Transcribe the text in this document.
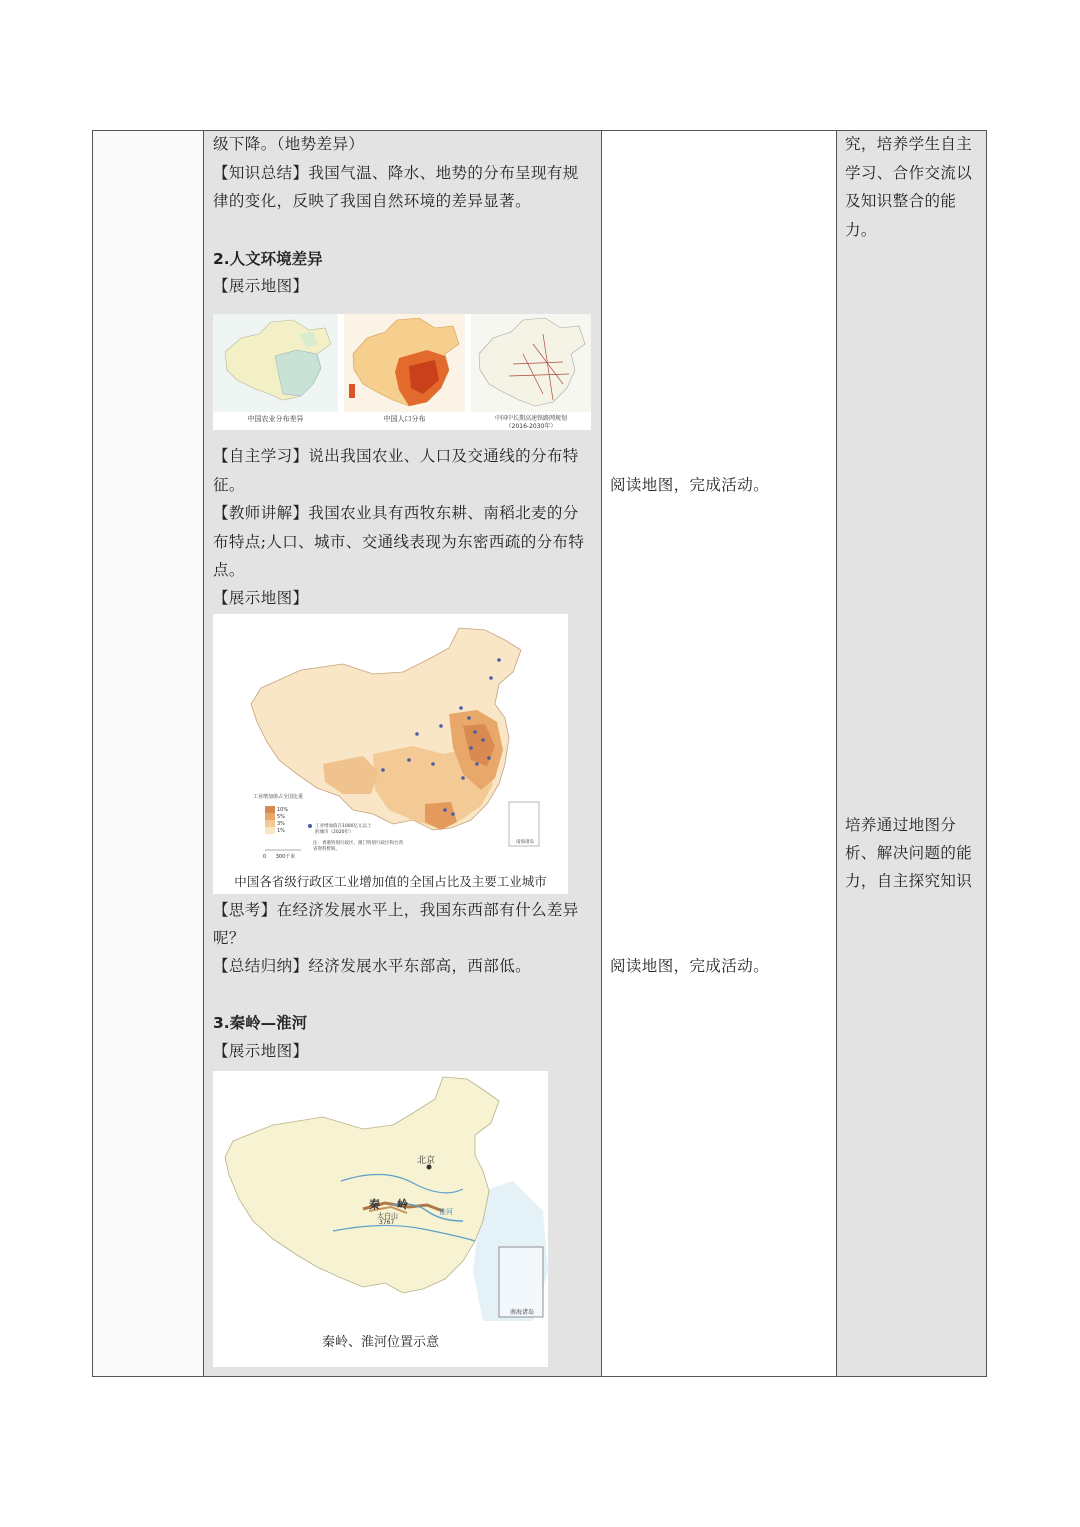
级下降。（地势差异）
【知识总结】我国气温、降水、地势的分布呈现有规
律的变化，反映了我国自然环境的差异显著。
2.人文环境差异
【展示地图】
中国农业分布差异	中国人口分布	中国中长期高速铁路网规划
（2016-2030年）
【自主学习】说出我国农业、人口及交通线的分布特
征。
【教师讲解】我国农业具有西牧东耕、南稻北麦的分
布特点;人口、城市、交通线表现为东密西疏的分布特
点。
【展示地图】
工业增加值占全国比重
10%
5%
3%
1%
工业增加值在1000亿元以上的城市（2020年）
注：香港特别行政区、澳门特别行政区和台湾省资料暂缺。
0      300千米
南海诸岛
中国各省级行政区工业增加值的全国占比及主要工业城市
【思考】在经济发展水平上，我国东西部有什么差异
呢？
【总结归纳】经济发展水平东部高，西部低。
3.秦岭—淮河
【展示地图】
北京
秦 岭
太白山
3767
淮河
南海诸岛
秦岭、淮河位置示意
阅读地图，完成活动。
阅读地图，完成活动。
究，培养学生自主
学习、合作交流以
及知识整合的能
力。
培养通过地图分
析、解决问题的能
力，自主探究知识
